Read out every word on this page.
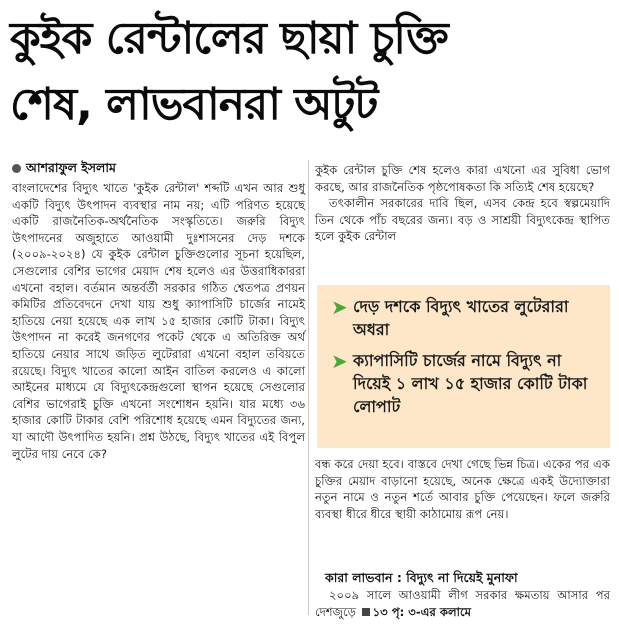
কুইক রেন্টালের ছায়া চুক্তি
শেষ, লাভবানরা অটুট
আশরাফুল ইসলাম

বাংলাদেশের বিদ্যুৎ খাতে 'কুইক রেন্টাল' শব্দটি এখন আর শুধু একটি বিদ্যুৎ উৎপাদন ব্যবস্থার নাম নয়; এটি পরিণত হয়েছে একটি রাজনৈতিক-অর্থনৈতিক সংস্কৃতিতে। জরুরি বিদ্যুৎ উৎপাদনের অজুহাতে আওয়ামী দুঃশাসনের দেড় দশকে (২০০৯-২০২৪) যে কুইক রেন্টাল চুক্তিগুলোর সূচনা হয়েছিল, সেগুলোর বেশির ভাগের মেয়াদ শেষ হলেও এর উত্তরাধিকাররা এখনো বহাল। বর্তমান অন্তর্বর্তী সরকার গঠিত শ্বেতপত্র প্রণয়ন কমিটির প্রতিবেদনে দেখা যায় শুধু ক্যাপাসিটি চার্জের নামেই হাতিয়ে নেয়া হয়েছে এক লাখ ১৫ হাজার কোটি টাকা। বিদ্যুৎ উৎপাদন না করেই জনগণের পকেট থেকে এ অতিরিক্ত অর্থ হাতিয়ে নেয়ার সাথে জড়িত লুটেরারা এখনো বহাল তবিয়তে রয়েছে। বিদ্যুৎ খাতের কালো আইন বাতিল করলেও এ কালো আইনের মাধ্যমে যে বিদ্যুৎকেন্দ্রগুলো স্থাপন হয়েছে সেগুলোর বেশির ভাগেরাই চুক্তি এখনো সংশোধন হয়নি। যার মধ্যে ৩৬ হাজার কোটি টাকার বেশি পরিশোধ হয়েছে এমন বিদ্যুতের জন্য, যা আদৌ উৎপাদিত হয়নি। প্রশ্ন উঠছে, বিদ্যুৎ খাতের এই বিপুল লুটের দায় নেবে কে?

কুইক রেন্টাল চুক্তি শেষ হলেও কারা এখনো এর সুবিধা ভোগ করছে, আর রাজনৈতিক পৃষ্ঠপোষকতা কি সত্যিই শেষ হয়েছে?

তৎকালীন সরকারের দাবি ছিল, এসব কেন্দ্র হবে স্বল্পমেয়াদি তিন থেকে পাঁচ বছরের জন্য। বড় ও সাশ্রয়ী বিদ্যুৎকেন্দ্র স্থাপিত হলে কুইক রেন্টাল

➤ দেড় দশকে বিদ্যুৎ খাতের লুটেরারা অধরা
➤ ক্যাপাসিটি চার্জের নামে বিদ্যুৎ না দিয়েই ১ লাখ ১৫ হাজার কোটি টাকা লোপাট

বন্ধ করে দেয়া হবে। বাস্তবে দেখা গেছে ভিন্ন চিত্র। একের পর এক চুক্তির মেয়াদ বাড়ানো হয়েছে, অনেক ক্ষেত্রে একই উদ্যোক্তারা নতুন নামে ও নতুন শর্তে আবার চুক্তি পেয়েছেন। ফলে জরুরি ব্যবস্থা ধীরে ধীরে স্থায়ী কাঠামোয় রূপ নেয়।

কারা লাভবান : বিদ্যুৎ না দিয়েই মুনাফা

২০০৯ সালে আওয়ামী লীগ সরকার ক্ষমতায় আসার পর দেশজুড়ে ১৩ পৃ: ৩-এর কলামে
